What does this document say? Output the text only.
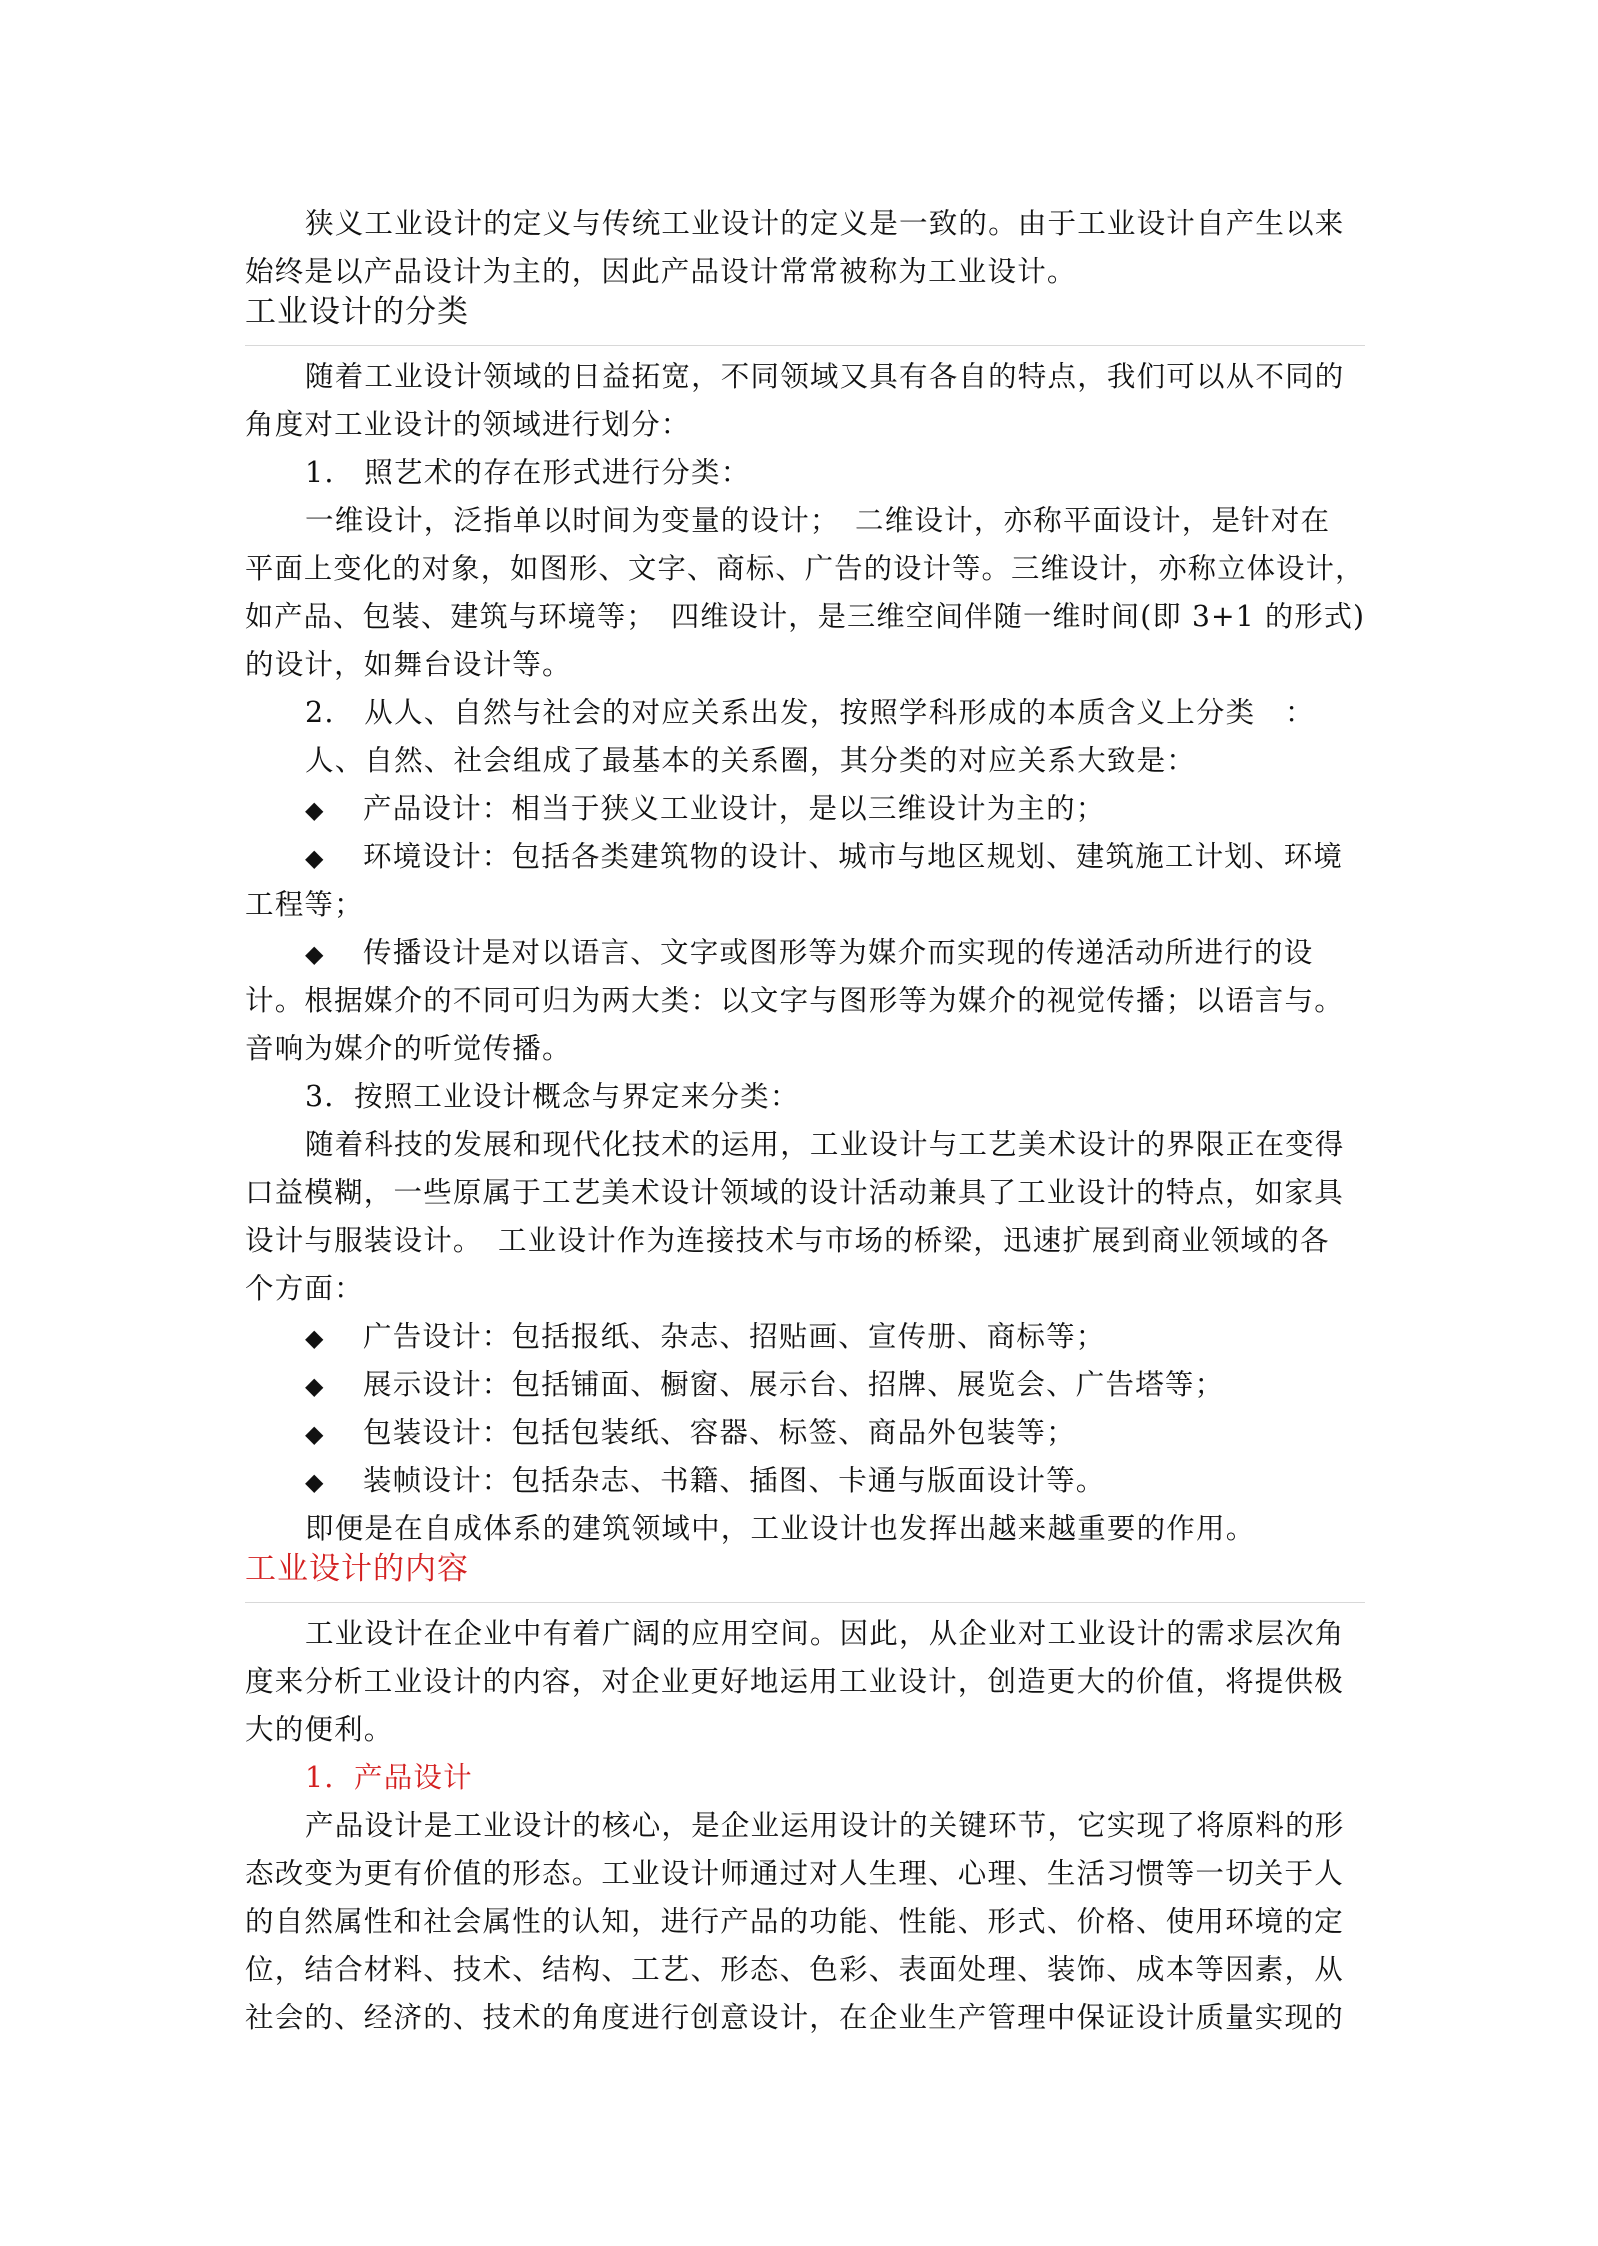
狭义工业设计的定义与传统工业设计的定义是一致的。由于工业设计自产生以来
始终是以产品设计为主的，因此产品设计常常被称为工业设计。
工业设计的分类
随着工业设计领域的日益拓宽，不同领域又具有各自的特点，我们可以从不同的
角度对工业设计的领域进行划分：
1.　照艺术的存在形式进行分类：
一维设计，泛指单以时间为变量的设计；　二维设计，亦称平面设计，是针对在
平面上变化的对象，如图形、文字、商标、广告的设计等。三维设计，亦称立体设计，
如产品、包装、建筑与环境等；　四维设计，是三维空间伴随一维时间(即 3+1 的形式)
的设计，如舞台设计等。
2.　从人、自然与社会的对应关系出发，按照学科形成的本质含义上分类　：
人、自然、社会组成了最基本的关系圈，其分类的对应关系大致是：
◆ 产品设计：相当于狭义工业设计，是以三维设计为主的；
◆ 环境设计：包括各类建筑物的设计、城市与地区规划、建筑施工计划、环境
工程等；
◆ 传播设计是对以语言、文字或图形等为媒介而实现的传递活动所进行的设
计。根据媒介的不同可归为两大类：以文字与图形等为媒介的视觉传播；以语言与。
音响为媒介的听觉传播。
3．按照工业设计概念与界定来分类：
随着科技的发展和现代化技术的运用，工业设计与工艺美术设计的界限正在变得
口益模糊，一些原属于工艺美术设计领域的设计活动兼具了工业设计的特点，如家具
设计与服装设计。　工业设计作为连接技术与市场的桥梁，迅速扩展到商业领域的各
个方面：
◆ 广告设计：包括报纸、杂志、招贴画、宣传册、商标等；
◆ 展示设计：包括铺面、橱窗、展示台、招牌、展览会、广告塔等；
◆ 包装设计：包括包装纸、容器、标签、商品外包装等；
◆ 装帧设计：包括杂志、书籍、插图、卡通与版面设计等。
即便是在自成体系的建筑领域中，工业设计也发挥出越来越重要的作用。
工业设计的内容
工业设计在企业中有着广阔的应用空间。因此，从企业对工业设计的需求层次角
度来分析工业设计的内容，对企业更好地运用工业设计，创造更大的价值，将提供极
大的便利。
1．产品设计
产品设计是工业设计的核心，是企业运用设计的关键环节，它实现了将原料的形
态改变为更有价值的形态。工业设计师通过对人生理、心理、生活习惯等一切关于人
的自然属性和社会属性的认知，进行产品的功能、性能、形式、价格、使用环境的定
位，结合材料、技术、结构、工艺、形态、色彩、表面处理、装饰、成本等因素，从
社会的、经济的、技术的角度进行创意设计，在企业生产管理中保证设计质量实现的
